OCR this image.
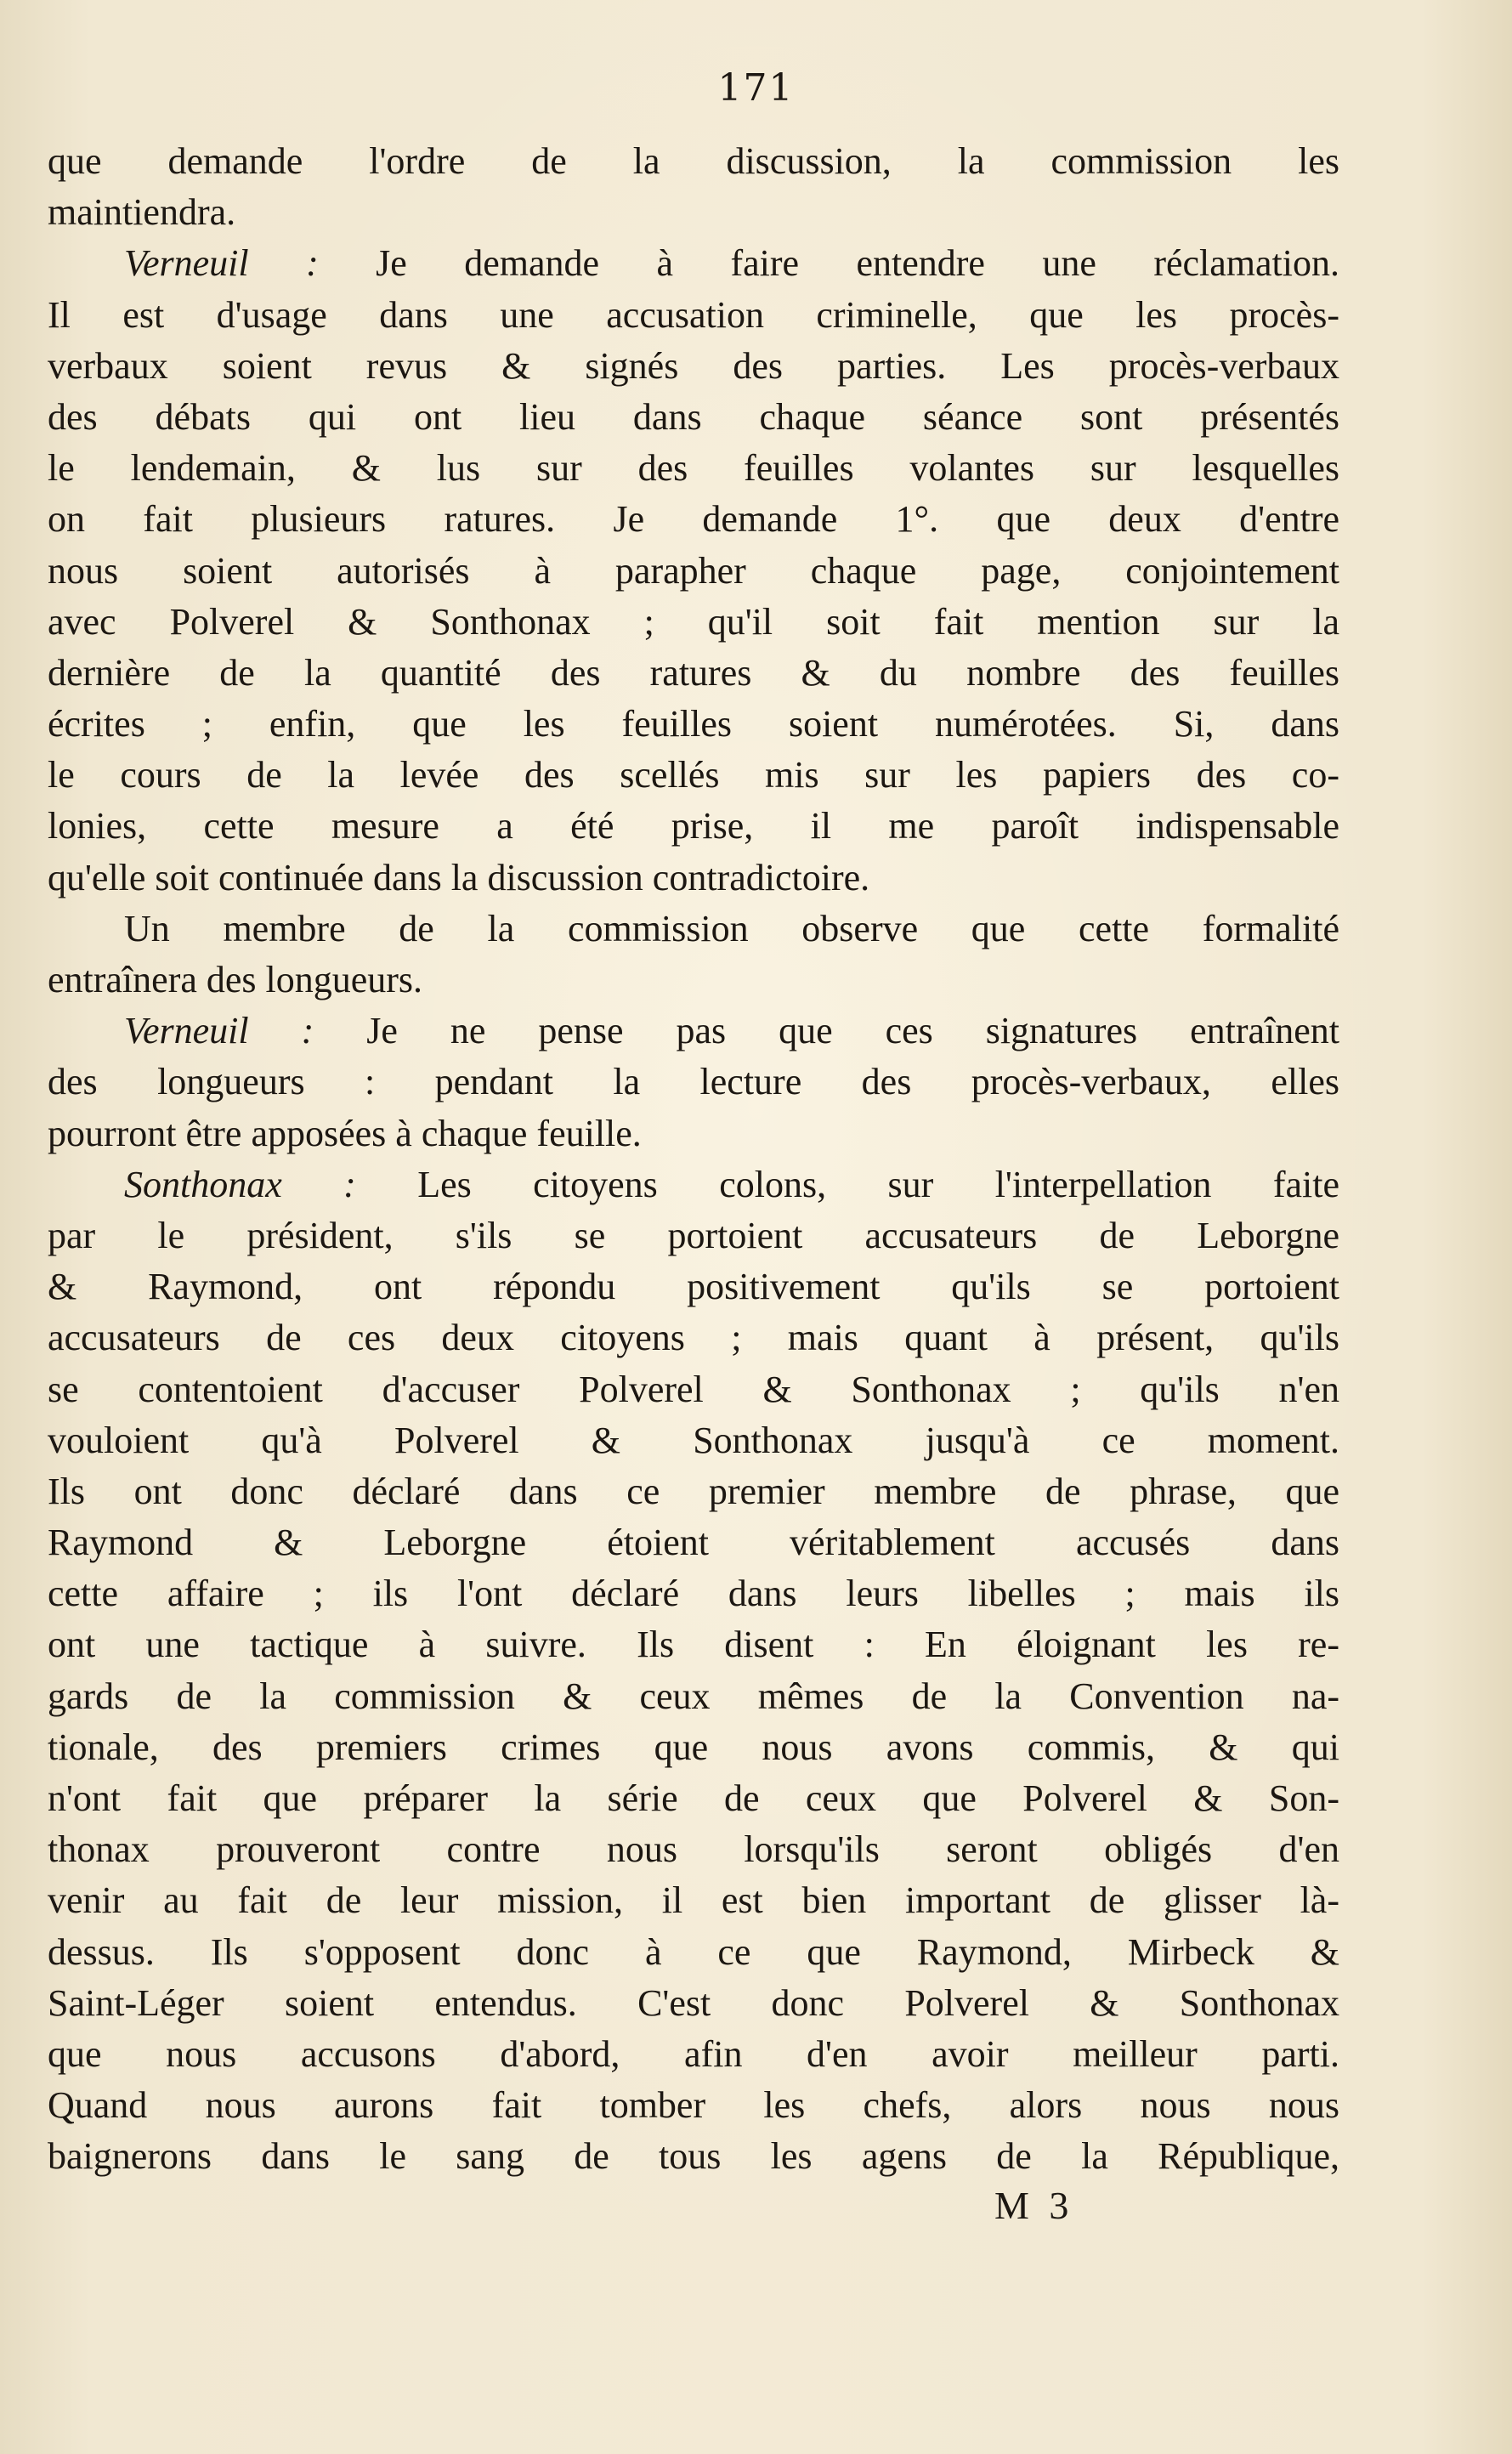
171
que demande l'ordre de la discussion, la commission les
maintiendra.
Verneuil : Je demande à faire entendre une réclamation.
Il est d'usage dans une accusation criminelle, que les procès-
verbaux soient revus & signés des parties. Les procès-verbaux
des débats qui ont lieu dans chaque séance sont présentés
le lendemain, & lus sur des feuilles volantes sur lesquelles
on fait plusieurs ratures. Je demande 1°. que deux d'entre
nous soient autorisés à parapher chaque page, conjointement
avec Polverel & Sonthonax ; qu'il soit fait mention sur la
dernière de la quantité des ratures & du nombre des feuilles
écrites ; enfin, que les feuilles soient numérotées. Si, dans
le cours de la levée des scellés mis sur les papiers des co-
lonies, cette mesure a été prise, il me paroît indispensable
qu'elle soit continuée dans la discussion contradictoire.
Un membre de la commission observe que cette formalité
entraînera des longueurs.
Verneuil : Je ne pense pas que ces signatures entraînent
des longueurs : pendant la lecture des procès-verbaux, elles
pourront être apposées à chaque feuille.
Sonthonax : Les citoyens colons, sur l'interpellation faite
par le président, s'ils se portoient accusateurs de Leborgne
& Raymond, ont répondu positivement qu'ils se portoient
accusateurs de ces deux citoyens ; mais quant à présent, qu'ils
se contentoient d'accuser Polverel & Sonthonax ; qu'ils n'en
vouloient qu'à Polverel & Sonthonax jusqu'à ce moment.
Ils ont donc déclaré dans ce premier membre de phrase, que
Raymond & Leborgne étoient véritablement accusés dans
cette affaire ; ils l'ont déclaré dans leurs libelles ; mais ils
ont une tactique à suivre. Ils disent : En éloignant les re-
gards de la commission & ceux mêmes de la Convention na-
tionale, des premiers crimes que nous avons commis, & qui
n'ont fait que préparer la série de ceux que Polverel & Son-
thonax prouveront contre nous lorsqu'ils seront obligés d'en
venir au fait de leur mission, il est bien important de glisser là-
dessus. Ils s'opposent donc à ce que Raymond, Mirbeck &
Saint-Léger soient entendus. C'est donc Polverel & Sonthonax
que nous accusons d'abord, afin d'en avoir meilleur parti.
Quand nous aurons fait tomber les chefs, alors nous nous
baignerons dans le sang de tous les agens de la République,
M 3
